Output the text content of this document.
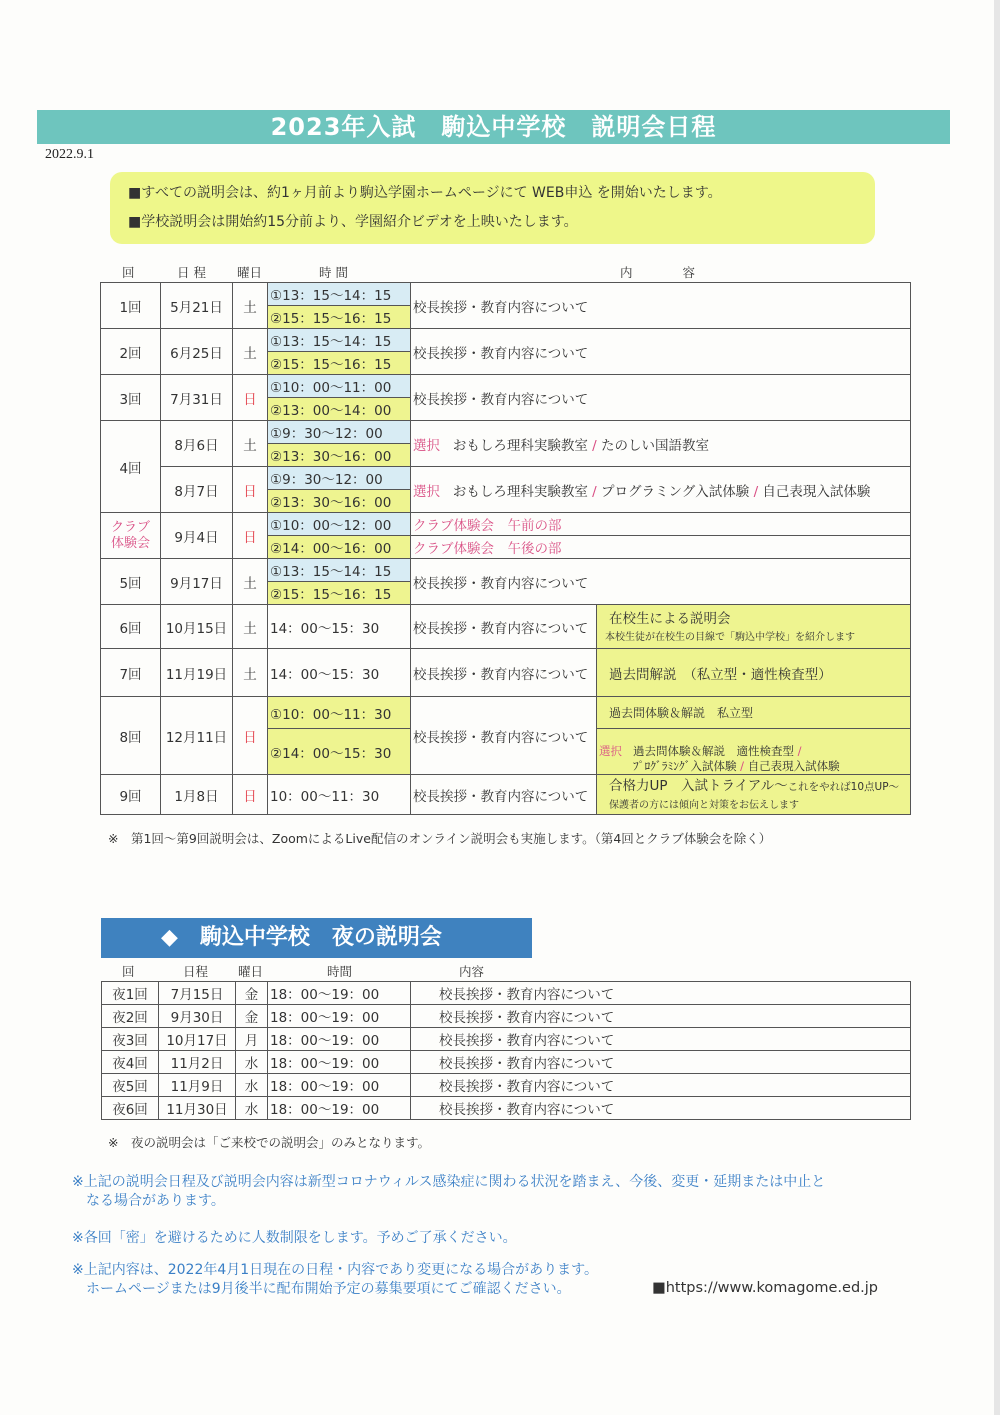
2023年入試　駒込中学校　説明会日程
2022.9.1
■すべての説明会は、約1ヶ月前より駒込学園ホームページにて WEB申込 を開始いたします。
■学校説明会は開始約15分前より、学園紹介ビデオを上映いたします。
回	日 程 曜日	時 間	内　　　　容
1回	5月21日	土	①13：15～14：15	校長挨拶・教育内容について	
			②15：15～16：15		
2回	6月25日	土	①13：15～14：15	校長挨拶・教育内容について	
			②15：15～16：15		
3回	7月31日	日	①10：00～11：00	校長挨拶・教育内容について	
			②13：00～14：00		
4回	8月6日	土	①9：30～12：00	選択 おもしろ理科実験教室 / たのしい国語教室	
			②13：30～16：00		
	8月7日	日	①9：30～12：00	選択 おもしろ理科実験教室 / プログラミング入試体験 / 自己表現入試体験	
			②13：30～16：00		
クラブ
体験会	9月4日	日	①10：00～12：00	クラブ体験会　午前の部	
			②14：00～16：00	クラブ体験会　午後の部	
5回	9月17日	土	①13：15～14：15	校長挨拶・教育内容について	
			②15：15～16：15		
6回	10月15日	土	14：00～15：30	校長挨拶・教育内容について	在校生による説明会
本校生徒が在校生の目線で「駒込中学校」を紹介します

7回	11月19日	土	14：00～15：30	校長挨拶・教育内容について	過去問解説　（私立型・適性検査型）
8回	12月11日	日	①10：00～11：30	校長挨拶・教育内容について	過去問体験＆解説　私立型
			②14：00～15：30		選択 過去問体験＆解説　適性検査型 /
ﾌﾟﾛｸﾞﾗﾐﾝｸﾞ入試体験 / 自己表現入試体験

9回	1月8日	日	10：00～11：30	校長挨拶・教育内容について	合格力UP　入試トライアル～これをやれば10点UP～
保護者の方には傾向と対策をお伝えします
※　第1回～第9回説明会は、ZoomによるLive配信のオンライン説明会も実施します。（第4回とクラブ体験会を除く）
◆　駒込中学校　夜の説明会
回	日程 曜日	時間	内容
夜1回	7月15日	金	18：00～19：00	校長挨拶・教育内容について
夜2回	9月30日	金	18：00～19：00	校長挨拶・教育内容について
夜3回	10月17日	月	18：00～19：00	校長挨拶・教育内容について
夜4回	11月2日	水	18：00～19：00	校長挨拶・教育内容について
夜5回	11月9日	水	18：00～19：00	校長挨拶・教育内容について
夜6回	11月30日	水	18：00～19：00	校長挨拶・教育内容について
※　夜の説明会は「ご来校での説明会」のみとなります。
※上記の説明会日程及び説明会内容は新型コロナウィルス感染症に関わる状況を踏まえ、今後、変更・延期または中止と
なる場合があります。
※各回「密」を避けるために人数制限をします。予めご了承ください。
※上記内容は、2022年4月1日現在の日程・内容であり変更になる場合があります。
ホームページまたは9月後半に配布開始予定の募集要項にてご確認ください。	■https://www.komagome.ed.jp
